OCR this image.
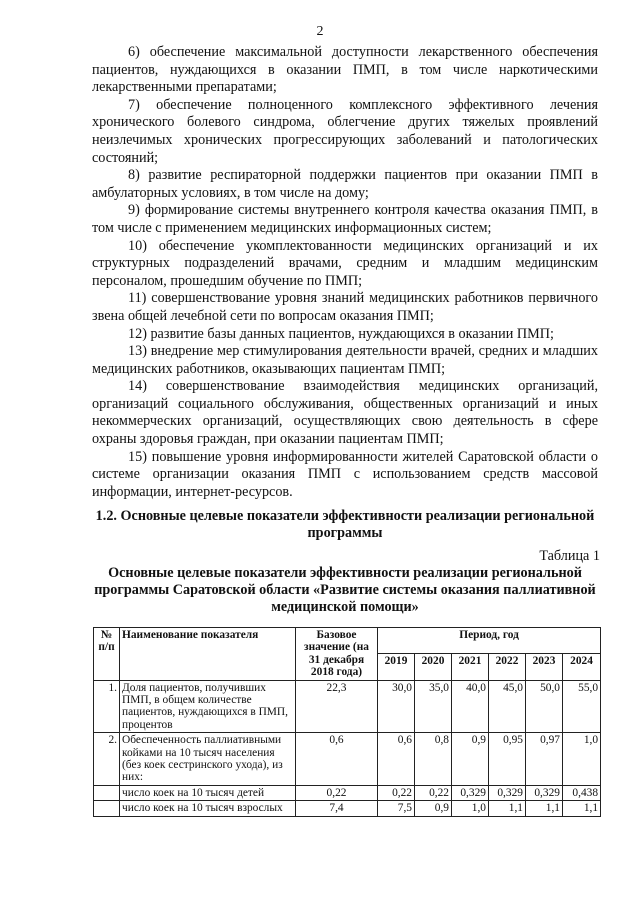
2

6) обеспечение максимальной доступности лекарственного обеспечения пациентов, нуждающихся в оказании ПМП, в том числе наркотическими лекарственными препаратами;

7) обеспечение полноценного комплексного эффективного лечения хронического болевого синдрома, облегчение других тяжелых проявлений неизлечимых хронических прогрессирующих заболеваний и патологических состояний;

8) развитие респираторной поддержки пациентов при оказании ПМП в амбулаторных условиях, в том числе на дому;

9) формирование системы внутреннего контроля качества оказания ПМП, в том числе с применением медицинских информационных систем;

10) обеспечение укомплектованности медицинских организаций и их структурных подразделений врачами, средним и младшим медицинским персоналом, прошедшим обучение по ПМП;

11) совершенствование уровня знаний медицинских работников первичного звена общей лечебной сети по вопросам оказания ПМП;

12) развитие базы данных пациентов, нуждающихся в оказании ПМП;

13) внедрение мер стимулирования деятельности врачей, средних и младших медицинских работников, оказывающих пациентам ПМП;

14) совершенствование взаимодействия медицинских организаций, организаций социального обслуживания, общественных организаций и иных некоммерческих организаций, осуществляющих свою деятельность в сфере охраны здоровья граждан, при оказании пациентам ПМП;

15) повышение уровня информированности жителей Саратовской области о системе организации оказания ПМП с использованием средств массовой информации, интернет-ресурсов.

1.2. Основные целевые показатели эффективности реализации региональной программы
Таблица 1
Основные целевые показатели эффективности реализации региональной программы Саратовской области «Развитие системы оказания паллиативной медицинской помощи»
№ п/п	Наименование показателя	Базовое значение (на 31 декабря 2018 года)	Период, год					
			2019	2020	2021	2022	2023	2024
1.	Доля пациентов, получивших ПМП, в общем количестве пациентов, нуждающихся в ПМП, процентов	22,3	30,0	35,0	40,0	45,0	50,0	55,0
2.	Обеспеченность паллиативными койками на 10 тысяч населения (без коек сестринского ухода), из них:	0,6	0,6	0,8	0,9	0,95	0,97	1,0
	число коек на 10 тысяч детей	0,22	0,22	0,22	0,329	0,329	0,329	0,438
	число коек на 10 тысяч взрослых	7,4	7,5	0,9	1,0	1,1	1,1	1,1
